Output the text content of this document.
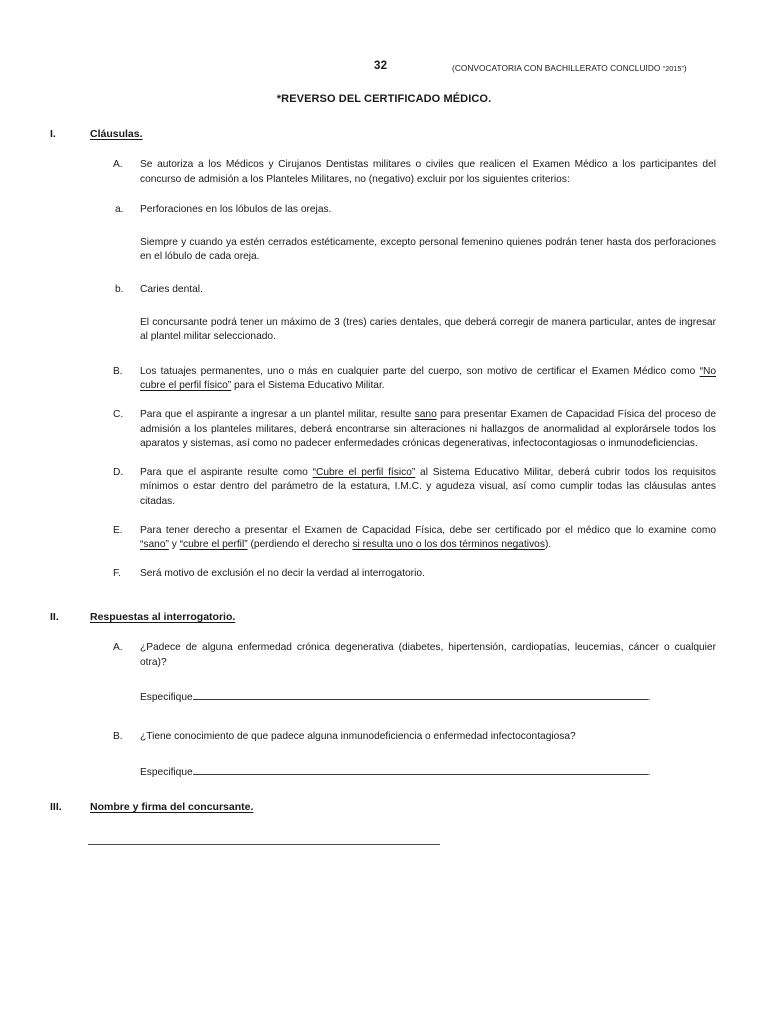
32	(CONVOCATORIA CON BACHILLERATO CONCLUIDO “2015”)
*REVERSO DEL CERTIFICADO MÉDICO.
I.	Cláusulas.
A. Se autoriza a los Médicos y Cirujanos Dentistas militares o civiles que realicen el Examen Médico a los participantes del concurso de admisión a los Planteles Militares, no (negativo) excluir por los siguientes criterios:
a. Perforaciones en los lóbulos de las orejas.
Siempre y cuando ya estén cerrados estéticamente, excepto personal femenino quienes podrán tener hasta dos perforaciones en el lóbulo de cada oreja.
b. Caries dental.
El concursante podrá tener un máximo de 3 (tres) caries dentales, que deberá corregir de manera particular, antes de ingresar al plantel militar seleccionado.
B. Los tatuajes permanentes, uno o más en cualquier parte del cuerpo, son motivo de certificar el Examen Médico como “No cubre el perfil físico” para el Sistema Educativo Militar.
C. Para que el aspirante a ingresar a un plantel militar, resulte sano para presentar Examen de Capacidad Física del proceso de admisión a los planteles militares, deberá encontrarse sin alteraciones ni hallazgos de anormalidad al explorársele todos los aparatos y sistemas, así como no padecer enfermedades crónicas degenerativas, infectocontagiosas o inmunodeficiencias.
D. Para que el aspirante resulte como “Cubre el perfil físico” al Sistema Educativo Militar, deberá cubrir todos los requisitos mínimos o estar dentro del parámetro de la estatura, I.M.C. y agudeza visual, así como cumplir todas las cláusulas antes citadas.
E. Para tener derecho a presentar el Examen de Capacidad Física, debe ser certificado por el médico que lo examine como “sano” y “cubre el perfil” (perdiendo el derecho si resulta uno o los dos términos negativos).
F. Será motivo de exclusión el no decir la verdad al interrogatorio.
II.	Respuestas al interrogatorio.
A. ¿Padece de alguna enfermedad crónica degenerativa (diabetes, hipertensión, cardiopatías, leucemias, cáncer o cualquier otra)?
Especifique	.
B. ¿Tiene conocimiento de que padece alguna inmunodeficiencia o enfermedad infectocontagiosa?
Especifique	.
III.	Nombre y firma del concursante.
